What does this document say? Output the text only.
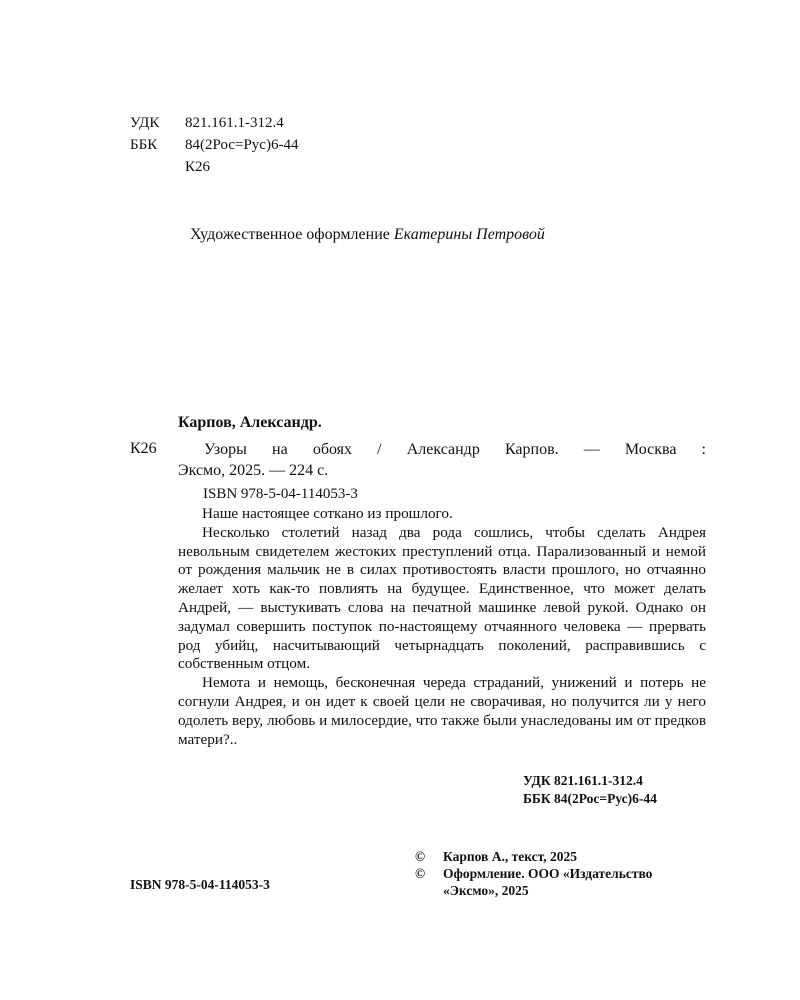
УДК 821.161.1-312.4
ББК 84(2Рос=Рус)6-44
К26
Художественное оформление Екатерины Петровой
Карпов, Александр.
К26	Узоры на обоях / Александр Карпов. — Москва :
Эксмо, 2025. — 224 с.
ISBN 978-5-04-114053-3

Наше настоящее соткано из прошлого.

Несколько столетий назад два рода сошлись, чтобы сделать Андрея невольным свидетелем жестоких преступлений отца. Парализованный и немой от рождения мальчик не в силах противостоять власти прошлого, но отчаянно желает хоть как-то повлиять на будущее. Единственное, что может делать Андрей, — выстукивать слова на печатной машинке левой рукой. Однако он задумал совершить поступок по-настоящему отчаянного человека — прервать род убийц, насчитывающий четырнадцать поколений, расправившись с собственным отцом.

Немота и немощь, бесконечная череда страданий, унижений и потерь не согнули Андрея, и он идет к своей цели не сворачивая, но получится ли у него одолеть веру, любовь и милосердие, что также были унаследованы им от предков матери?..

УДК 821.161.1-312.4
ББК 84(2Рос=Рус)6-44
© Карпов А., текст, 2025
© Оформление. ООО «Издательство
«Эксмо», 2025
ISBN 978-5-04-114053-3
